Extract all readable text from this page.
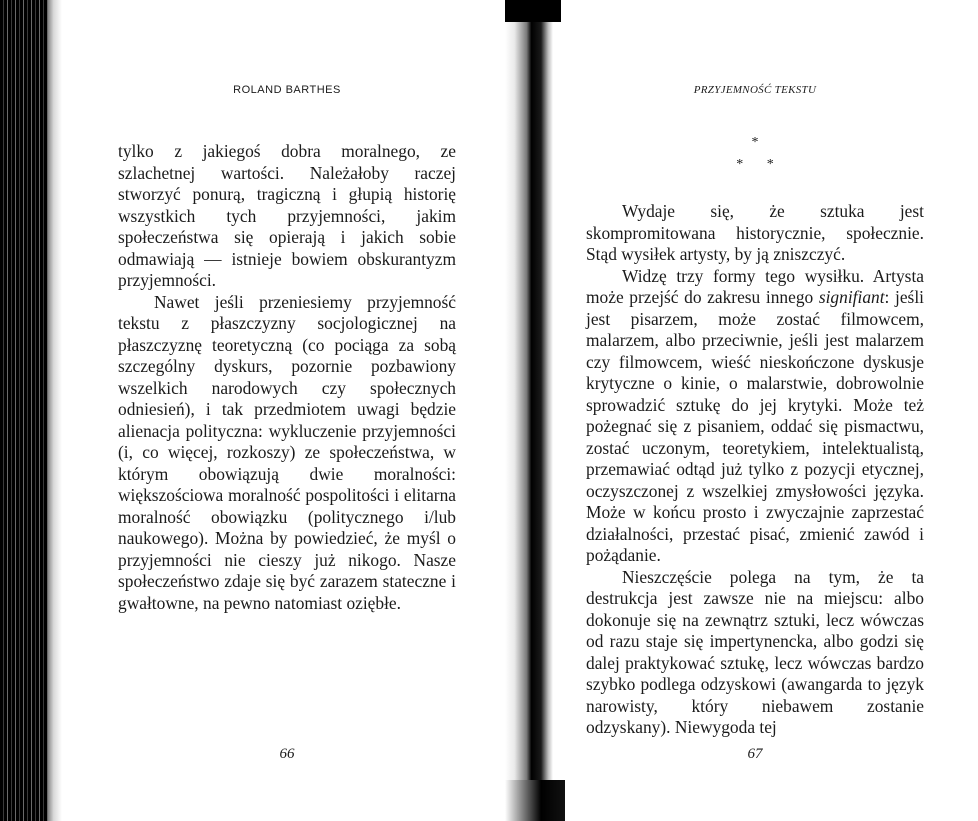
ROLAND BARTHES

tylko z jakiegoś dobra moralnego, ze szlachetnej wartości. Należałoby raczej stworzyć ponurą, tragiczną i głupią historię wszystkich tych przyjemności, jakim społeczeństwa się opierają i jakich sobie odmawiają — istnieje bowiem obskurantyzm przyjemności.

Nawet jeśli przeniesiemy przyjemność tekstu z płaszczyzny socjologicznej na płaszczyznę teoretyczną (co pociąga za sobą szczególny dyskurs, pozornie pozbawiony wszelkich narodowych czy społecznych odniesień), i tak przedmiotem uwagi będzie alienacja polityczna: wykluczenie przyjemności (i, co więcej, rozkoszy) ze społeczeństwa, w którym obowiązują dwie moralności: większościowa moralność pospolitości i elitarna moralność obowiązku (politycznego i/lub naukowego). Można by powiedzieć, że myśl o przyjemności nie cieszy już nikogo. Nasze społeczeństwo zdaje się być zarazem stateczne i gwałtowne, na pewno natomiast oziębłe.

66
PRZYJEMNOŚĆ TEKSTU
*
* *

Wydaje się, że sztuka jest skompromitowana historycznie, społecznie. Stąd wysiłek artysty, by ją zniszczyć.

Widzę trzy formy tego wysiłku. Artysta może przejść do zakresu innego signifiant: jeśli jest pisarzem, może zostać filmowcem, malarzem, albo przeciwnie, jeśli jest malarzem czy filmowcem, wieść nieskończone dyskusje krytyczne o kinie, o malarstwie, dobrowolnie sprowadzić sztukę do jej krytyki. Może też pożegnać się z pisaniem, oddać się pismactwu, zostać uczonym, teoretykiem, intelektualistą, przemawiać odtąd już tylko z pozycji etycznej, oczyszczonej z wszelkiej zmysłowości języka. Może w końcu prosto i zwyczajnie zaprzestać działalności, przestać pisać, zmienić zawód i pożądanie.

Nieszczęście polega na tym, że ta destrukcja jest zawsze nie na miejscu: albo dokonuje się na zewnątrz sztuki, lecz wówczas od razu staje się impertynencka, albo godzi się dalej praktykować sztukę, lecz wówczas bardzo szybko podlega odzyskowi (awangarda to język narowisty, który niebawem zostanie odzyskany). Niewygoda tej

67
